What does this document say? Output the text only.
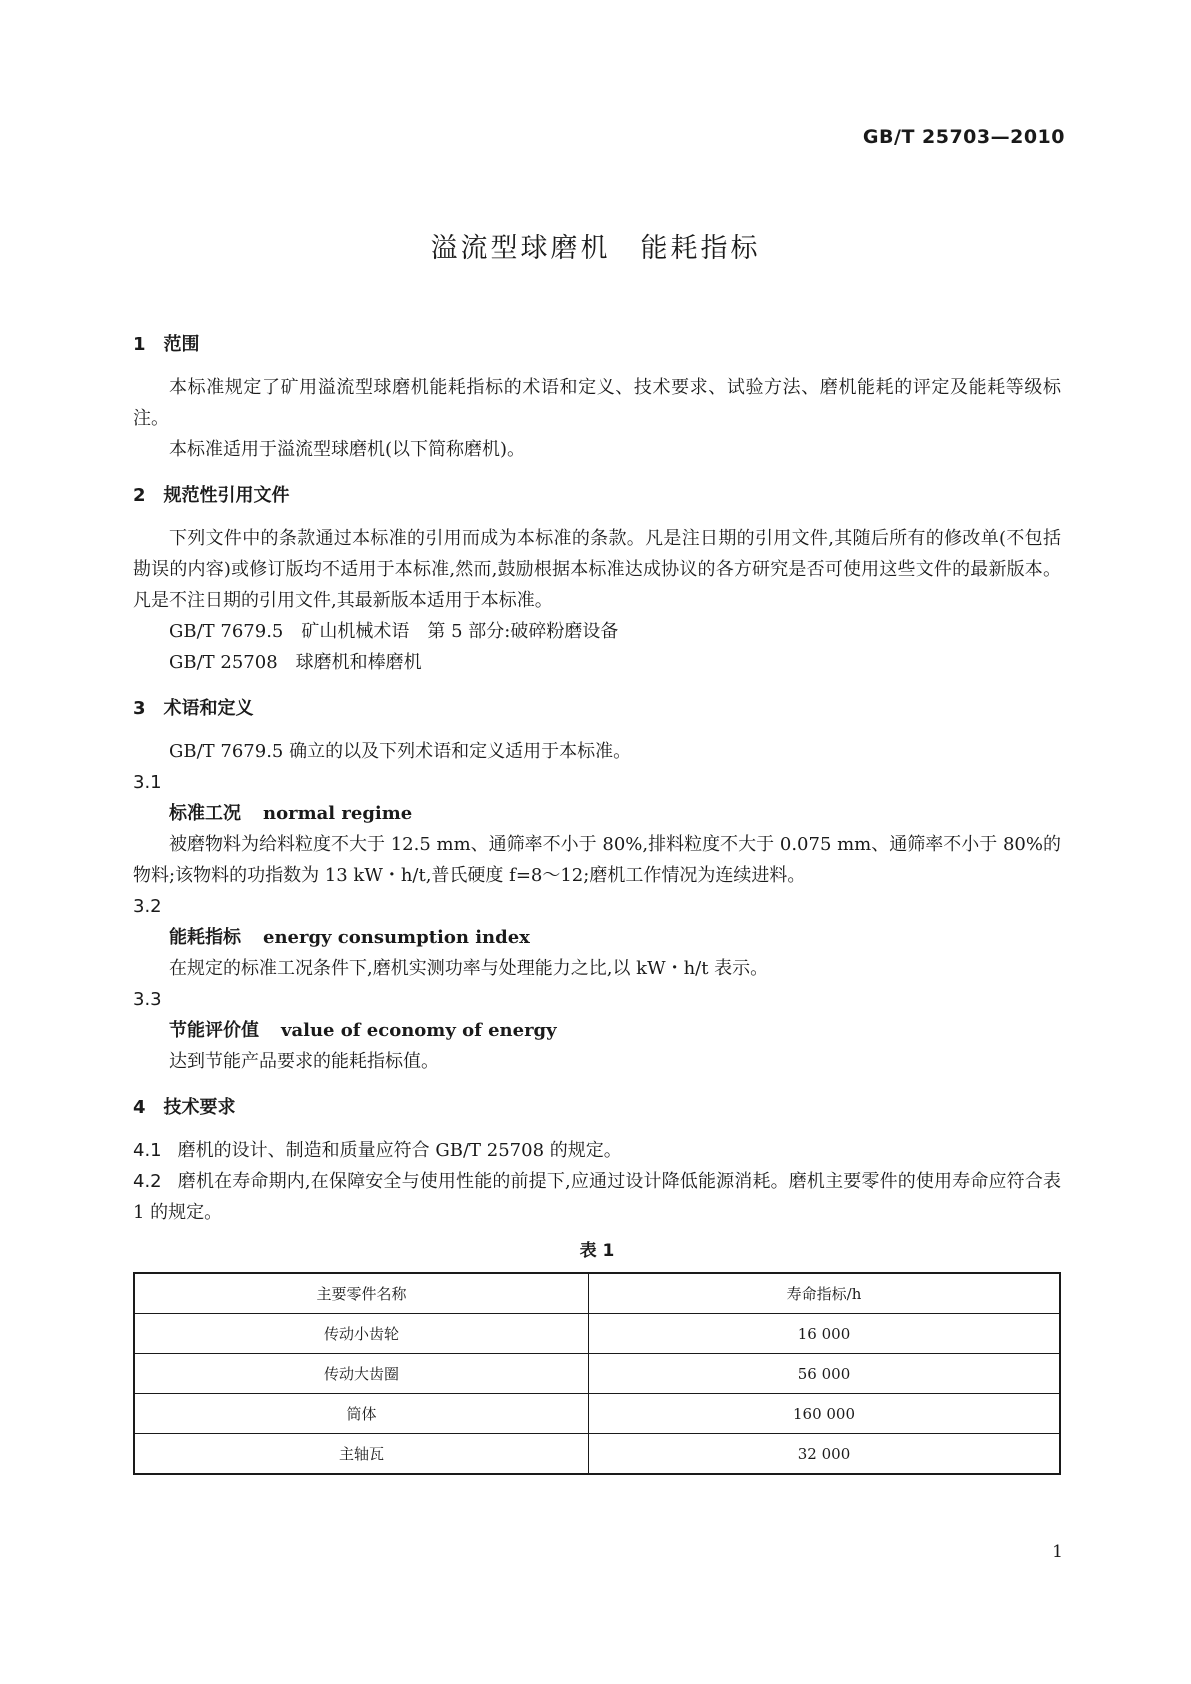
GB/T 25703—2010
溢流型球磨机　能耗指标
1　范围
本标准规定了矿用溢流型球磨机能耗指标的术语和定义、技术要求、试验方法、磨机能耗的评定及能耗等级标注。
本标准适用于溢流型球磨机(以下简称磨机)。
2　规范性引用文件
下列文件中的条款通过本标准的引用而成为本标准的条款。凡是注日期的引用文件,其随后所有的修改单(不包括勘误的内容)或修订版均不适用于本标准,然而,鼓励根据本标准达成协议的各方研究是否可使用这些文件的最新版本。凡是不注日期的引用文件,其最新版本适用于本标准。
GB/T 7679.5　矿山机械术语　第 5 部分:破碎粉磨设备
GB/T 25708　球磨机和棒磨机
3　术语和定义
GB/T 7679.5 确立的以及下列术语和定义适用于本标准。
3.1
标准工况 normal regime
被磨物料为给料粒度不大于 12.5 mm、通筛率不小于 80%,排料粒度不大于 0.075 mm、通筛率不小于 80%的物料;该物料的功指数为 13 kW・h/t,普氏硬度 f=8～12;磨机工作情况为连续进料。
3.2
能耗指标 energy consumption index
在规定的标准工况条件下,磨机实测功率与处理能力之比,以 kW・h/t 表示。
3.3
节能评价值 value of economy of energy
达到节能产品要求的能耗指标值。
4　技术要求
4.1 磨机的设计、制造和质量应符合 GB/T 25708 的规定。
4.2 磨机在寿命期内,在保障安全与使用性能的前提下,应通过设计降低能源消耗。磨机主要零件的使用寿命应符合表 1 的规定。
表 1
主要零件名称	寿命指标/h
传动小齿轮	16 000
传动大齿圈	56 000
筒体	160 000
主轴瓦	32 000
1
